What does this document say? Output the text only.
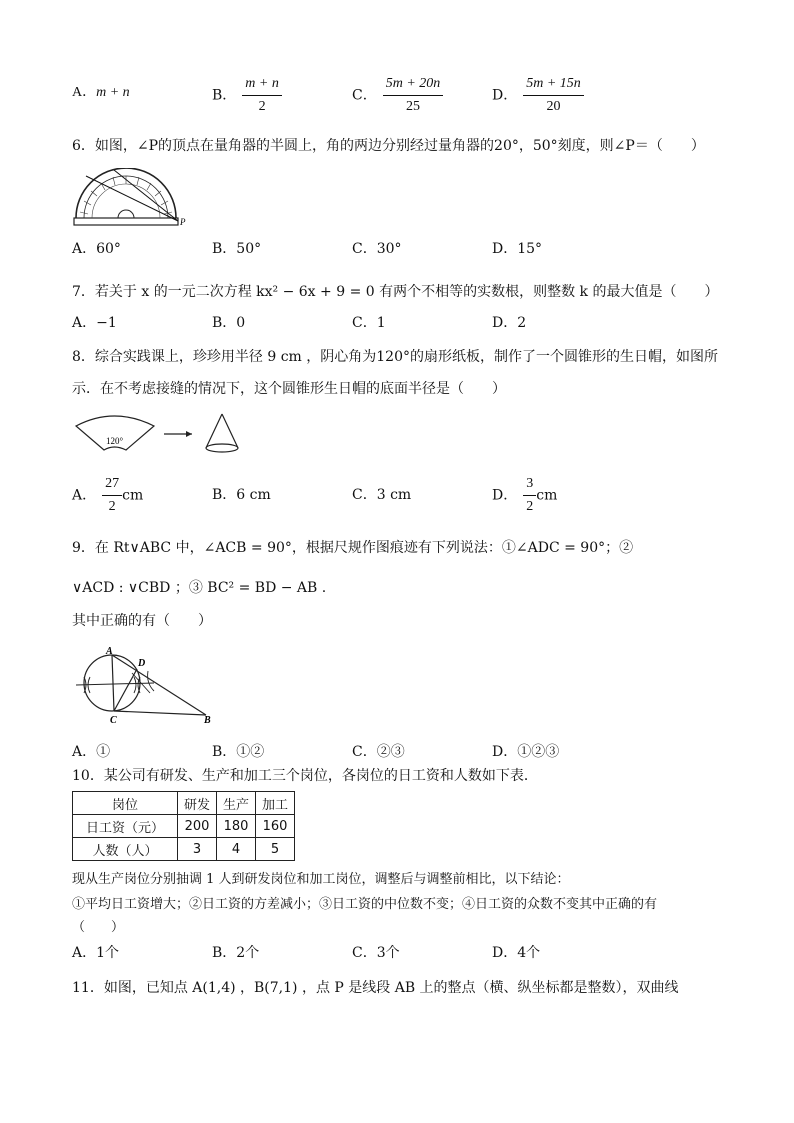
A．m + n	B． $\frac{m + n}{2}$	C． $\frac{5m + 20n}{25}$	D． $\frac{5m + 15n}{20}$
6．如图，∠P的顶点在量角器的半圆上，角的两边分别经过量角器的20°，50°刻度，则∠P＝（　　）
P
A．60°	B．50°	C．30°	D．15°
7．若关于 x 的一元二次方程 kx² − 6x + 9 = 0 有两个不相等的实数根，则整数 k 的最大值是（　　）
A．−1	B．0	C．1	D．2
8．综合实践课上，珍珍用半径 9 cm ，阴心角为120°的扇形纸板，制作了一个圆锥形的生日帽，如图所
示．在不考虑接缝的情况下，这个圆锥形生日帽的底面半径是（　　）
120°
A． $\frac{27}{2}$ cm	B．6 cm	C．3 cm	D． $\frac{3}{2}$ cm
9．在 Rt∨ABC 中，∠ACB = 90°，根据尺规作图痕迹有下列说法：①∠ADC = 90°；②
∨ACD : ∨CBD ；③ BC² = BD − AB .
其中正确的有（　　）
A
D
C	B
A．①	B．①②	C．②③	D．①②③
10．某公司有研发、生产和加工三个岗位，各岗位的日工资和人数如下表．
岗位	研发	生产	加工
日工资（元）	200	180	160
人数（人）	3	4	5
现从生产岗位分别抽调 1 人到研发岗位和加工岗位，调整后与调整前相比，以下结论：
①平均日工资增大；②日工资的方差减小；③日工资的中位数不变；④日工资的众数不变其中正确的有
（　　）
A．1个	B．2个	C．3个	D．4个
11．如图，已知点 A(1,4) ，B(7,1) ，点 P 是线段 AB 上的整点（横、纵坐标都是整数），双曲线
